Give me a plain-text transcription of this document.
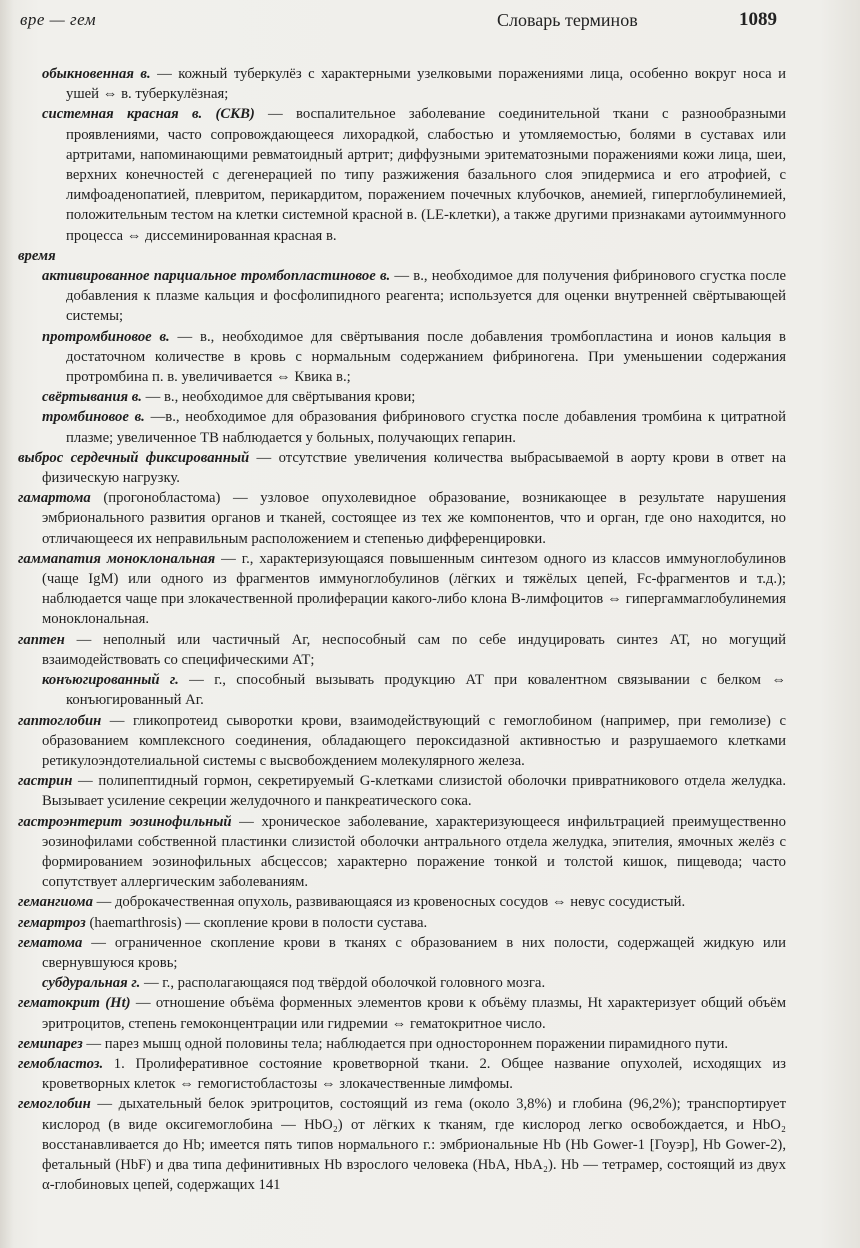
вре — гем	Словарь терминов	1089

обыкновенная в. — кожный туберкулёз с характерными узелковыми поражениями лица, особенно вокруг носа и ушей ⇔ в. туберкулёзная;

системная красная в. (СКВ) — воспалительное заболевание соединительной ткани с разнообразными проявлениями, часто сопровождающееся лихорадкой, слабостью и утомляемостью, болями в суставах или артритами, напоминающими ревматоидный артрит; диффузными эритематозными поражениями кожи лица, шеи, верхних конечностей с дегенерацией по типу разжижения базального слоя эпидермиса и его атрофией, с лимфоаденопатией, плевритом, перикардитом, поражением почечных клубочков, анемией, гиперглобулинемией, положительным тестом на клетки системной красной в. (LE-клетки), а также другими признаками аутоиммунного процесса ⇔ диссеминированная красная в.

время

активированное парциальное тромбопластиновое в. — в., необходимое для получения фибринового сгустка после добавления к плазме кальция и фосфолипидного реагента; используется для оценки внутренней свёртывающей системы;

протромбиновое в. — в., необходимое для свёртывания после добавления тромбопластина и ионов кальция в достаточном количестве в кровь с нормальным содержанием фибриногена. При уменьшении содержания протромбина п. в. увеличивается ⇔ Квика в.;

свёртывания в. — в., необходимое для свёртывания крови;

тромбиновое в. —в., необходимое для образования фибринового сгустка после добавления тромбина к цитратной плазме; увеличенное ТВ наблюдается у больных, получающих гепарин.

выброс сердечный фиксированный — отсутствие увеличения количества выбрасываемой в аорту крови в ответ на физическую нагрузку.

гамартома (прогонобластома) — узловое опухолевидное образование, возникающее в результате нарушения эмбрионального развития органов и тканей, состоящее из тех же компонентов, что и орган, где оно находится, но отличающееся их неправильным расположением и степенью дифференцировки.

гаммапатия моноклональная — г., характеризующаяся повышенным синтезом одного из классов иммуноглобулинов (чаще IgM) или одного из фрагментов иммуноглобулинов (лёгких и тяжёлых цепей, Fc-фрагментов и т.д.); наблюдается чаще при злокачественной пролиферации какого-либо клона B-лимфоцитов ⇔ гипергаммаглобулинемия моноклональная.

гаптен — неполный или частичный Аг, неспособный сам по себе индуцировать синтез АТ, но могущий взаимодействовать со специфическими АТ;

конъюгированный г. — г., способный вызывать продукцию АТ при ковалентном связывании с белком ⇔ конъюгированный Аг.

гаптоглобин — гликопротеид сыворотки крови, взаимодействующий с гемоглобином (например, при гемолизе) с образованием комплексного соединения, обладающего пероксидазной активностью и разрушаемого клетками ретикулоэндотелиальной системы с высвобождением молекулярного железа.

гастрин — полипептидный гормон, секретируемый G-клетками слизистой оболочки привратникового отдела желудка. Вызывает усиление секреции желудочного и панкреатического сока.

гастроэнтерит эозинофильный — хроническое заболевание, характеризующееся инфильтрацией преимущественно эозинофилами собственной пластинки слизистой оболочки антрального отдела желудка, эпителия, ямочных желёз с формированием эозинофильных абсцессов; характерно поражение тонкой и толстой кишок, пищевода; часто сопутствует аллергическим заболеваниям.

гемангиома — доброкачественная опухоль, развивающаяся из кровеносных сосудов ⇔ невус сосудистый.

гемартроз (haemarthrosis) — скопление крови в полости сустава.

гематома — ограниченное скопление крови в тканях с образованием в них полости, содержащей жидкую или свернувшуюся кровь;

субдуральная г. — г., располагающаяся под твёрдой оболочкой головного мозга.

гематокрит (Ht) — отношение объёма форменных элементов крови к объёму плазмы, Ht характеризует общий объём эритроцитов, степень гемоконцентрации или гидремии ⇔ гематокритное число.

гемипарез — парез мышц одной половины тела; наблюдается при одностороннем поражении пирамидного пути.

гемобластоз. 1. Пролиферативное состояние кроветворной ткани. 2. Общее название опухолей, исходящих из кроветворных клеток ⇔ гемогистобластозы ⇔ злокачественные лимфомы.

гемоглобин — дыхательный белок эритроцитов, состоящий из гема (около 3,8%) и глобина (96,2%); транспортирует кислород (в виде оксигемоглобина — HbO₂) от лёгких к тканям, где кислород легко освобождается, и HbO₂ восстанавливается до Hb; имеется пять типов нормального г.: эмбриональные Hb (Hb Gower-1 [Гоуэр], Hb Gower-2), фетальный (HbF) и два типа дефинитивных Hb взрослого человека (HbA, HbA₂). Hb — тетрамер, состоящий из двух α-глобиновых цепей, содержащих 141
